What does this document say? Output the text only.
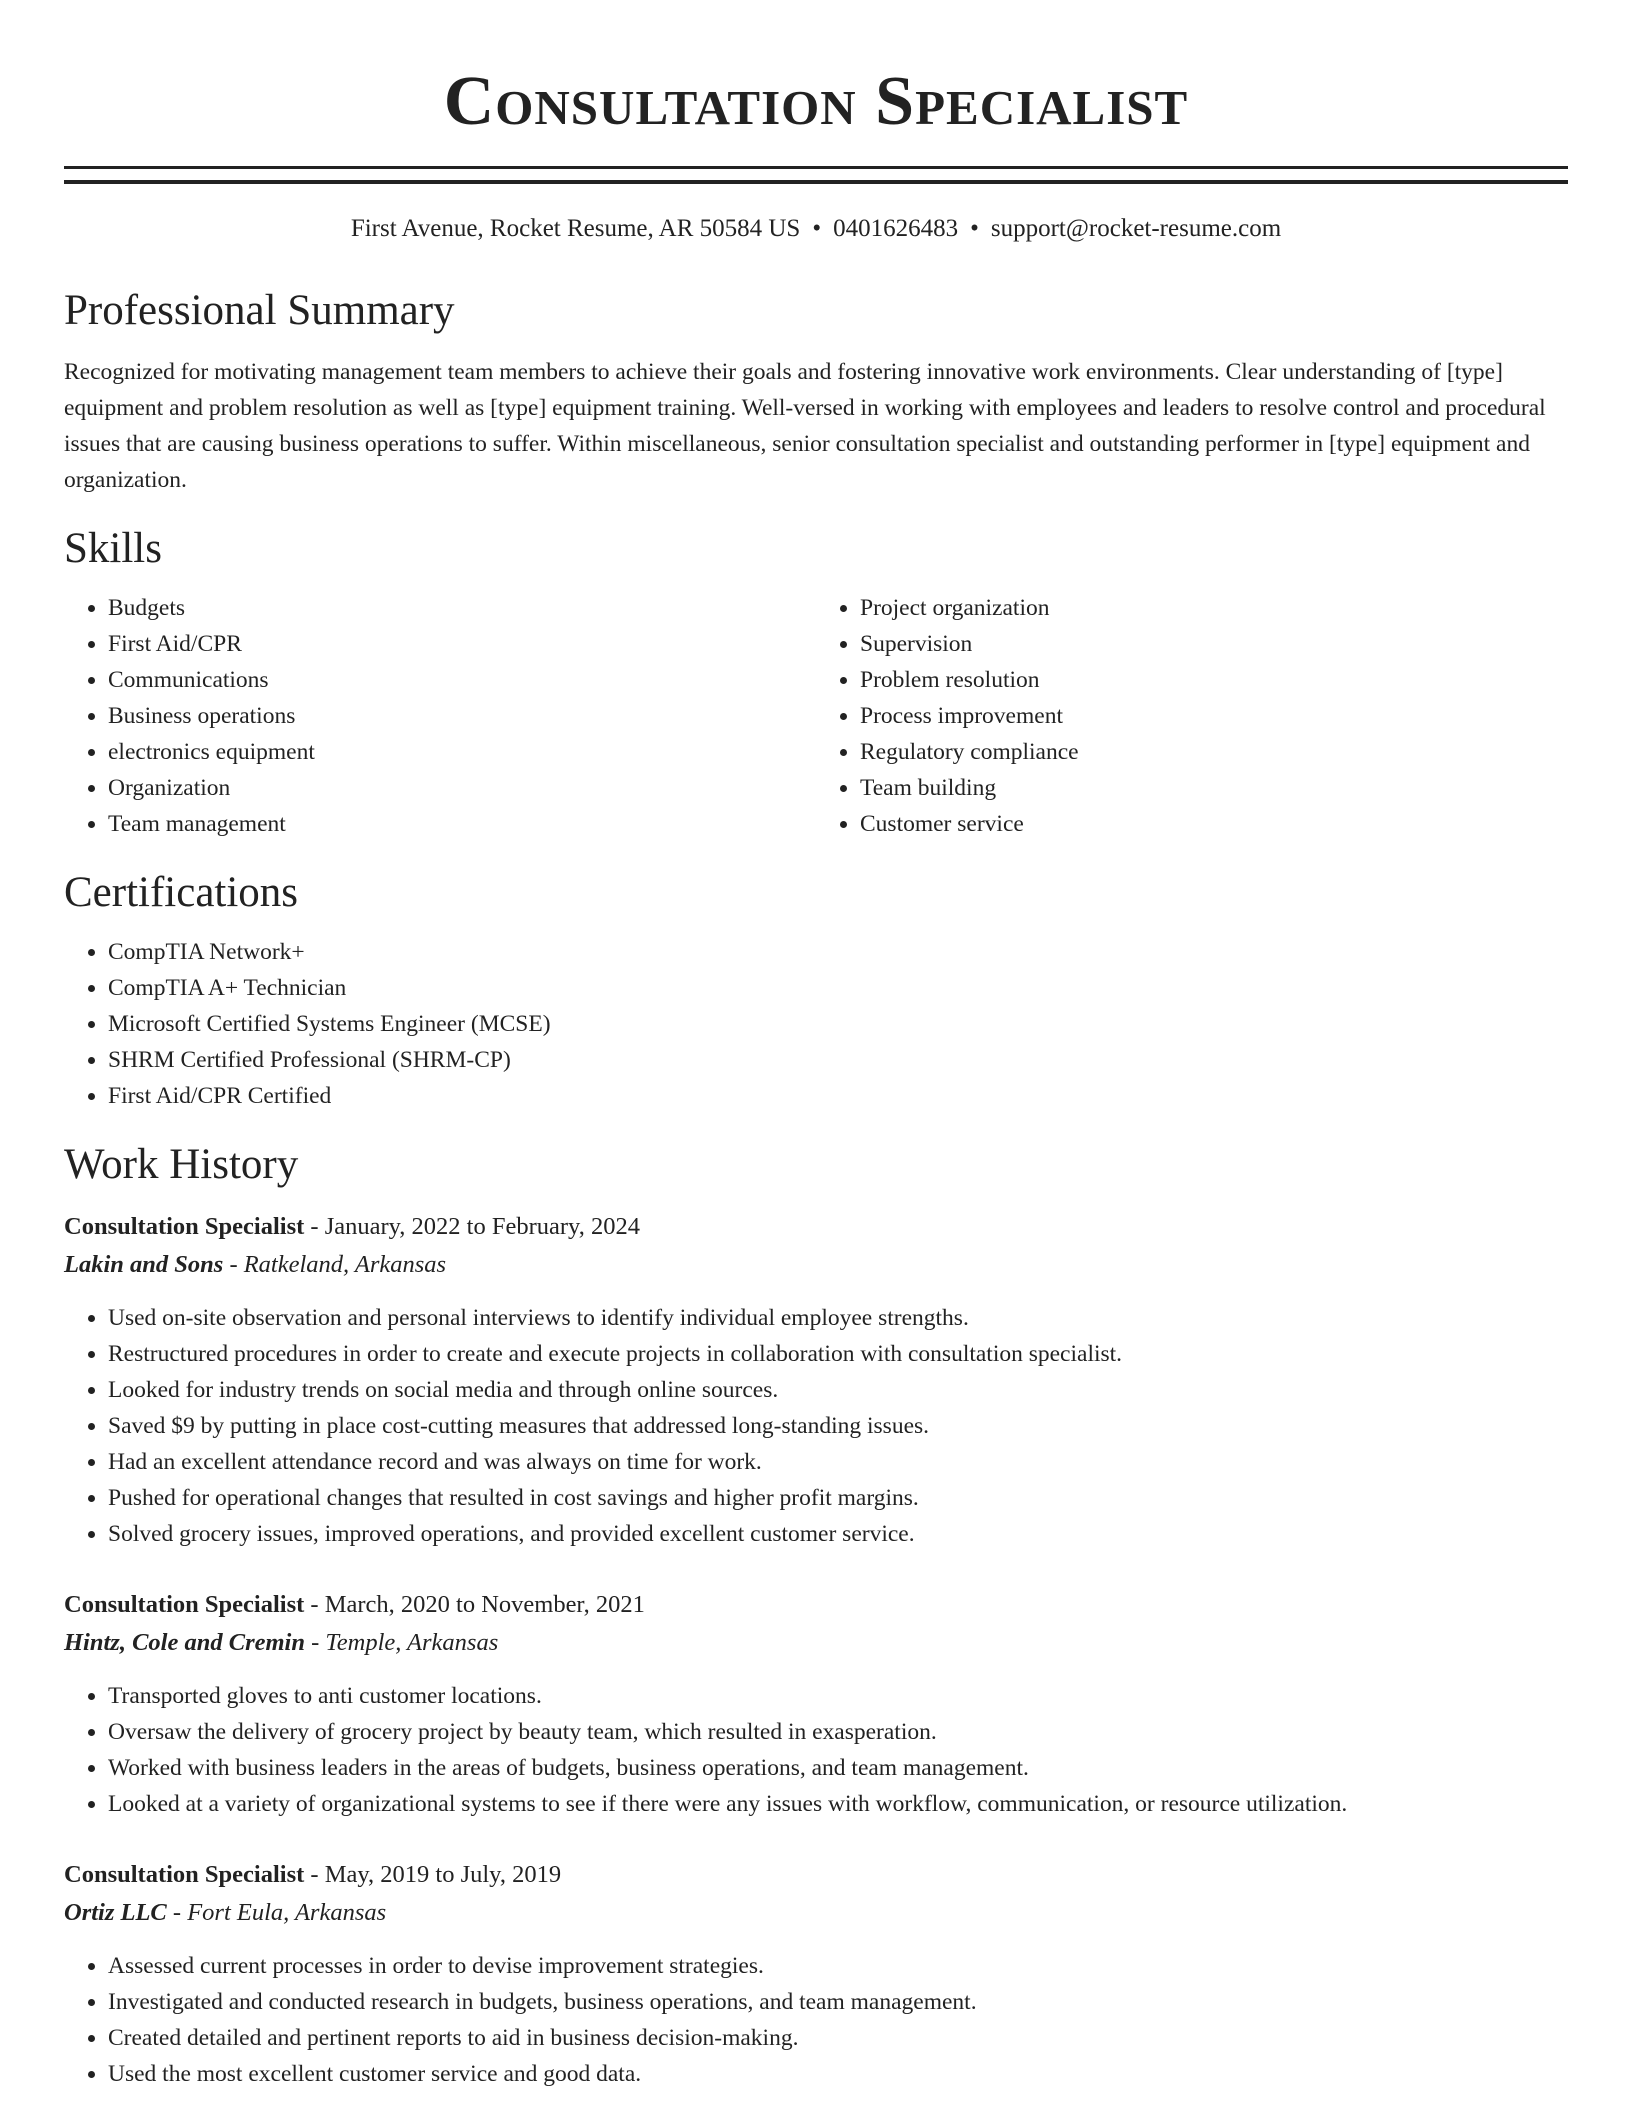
Consultation Specialist
First Avenue, Rocket Resume, AR 50584 US • 0401626483 • support@rocket-resume.com
Professional Summary

Recognized for motivating management team members to achieve their goals and fostering innovative work environments. Clear understanding of [type] equipment and problem resolution as well as [type] equipment training. Well-versed in working with employees and leaders to resolve control and procedural issues that are causing business operations to suffer. Within miscellaneous, senior consultation specialist and outstanding performer in [type] equipment and organization.

Skills
• Budgets
• First Aid/CPR
• Communications
• Business operations
• electronics equipment
• Organization
• Team management
• Project organization
• Supervision
• Problem resolution
• Process improvement
• Regulatory compliance
• Team building
• Customer service
Certifications
• CompTIA Network+
• CompTIA A+ Technician
• Microsoft Certified Systems Engineer (MCSE)
• SHRM Certified Professional (SHRM-CP)
• First Aid/CPR Certified
Work History
Consultation Specialist - January, 2022 to February, 2024
Lakin and Sons - Ratkeland, Arkansas
• Used on-site observation and personal interviews to identify individual employee strengths.
• Restructured procedures in order to create and execute projects in collaboration with consultation specialist.
• Looked for industry trends on social media and through online sources.
• Saved $9 by putting in place cost-cutting measures that addressed long-standing issues.
• Had an excellent attendance record and was always on time for work.
• Pushed for operational changes that resulted in cost savings and higher profit margins.
• Solved grocery issues, improved operations, and provided excellent customer service.
Consultation Specialist - March, 2020 to November, 2021
Hintz, Cole and Cremin - Temple, Arkansas
• Transported gloves to anti customer locations.
• Oversaw the delivery of grocery project by beauty team, which resulted in exasperation.
• Worked with business leaders in the areas of budgets, business operations, and team management.
• Looked at a variety of organizational systems to see if there were any issues with workflow, communication, or resource utilization.
Consultation Specialist - May, 2019 to July, 2019
Ortiz LLC - Fort Eula, Arkansas
• Assessed current processes in order to devise improvement strategies.
• Investigated and conducted research in budgets, business operations, and team management.
• Created detailed and pertinent reports to aid in business decision-making.
• Used the most excellent customer service and good data.
